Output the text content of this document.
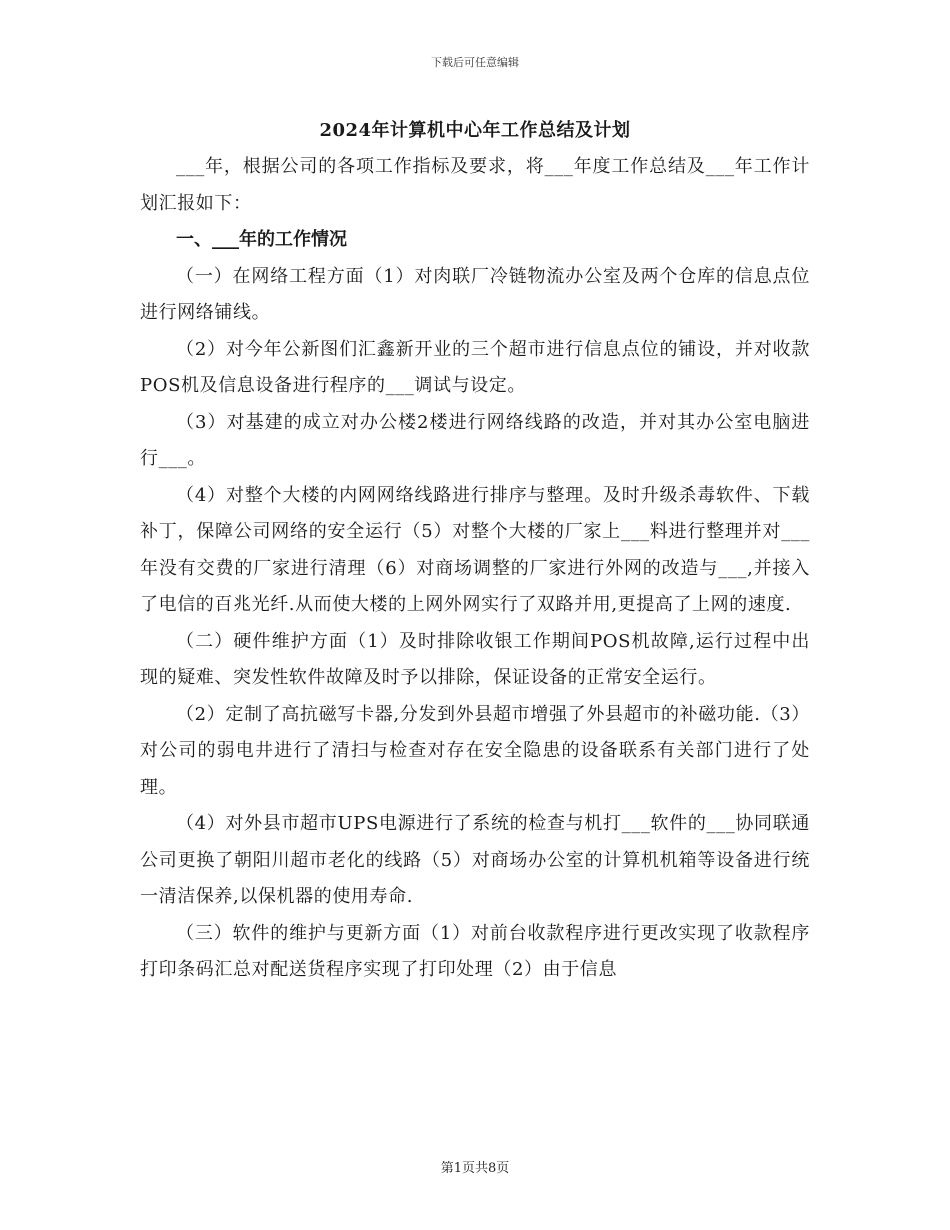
下载后可任意编辑
2024年计算机中心年工作总结及计划

___年，根据公司的各项工作指标及要求，将___年度工作总结及___年工作计划汇报如下：

一、___年的工作情况

（一）在网络工程方面（1）对肉联厂冷链物流办公室及两个仓库的信息点位进行网络铺线。

（2）对今年公新图们汇鑫新开业的三个超市进行信息点位的铺设，并对收款POS机及信息设备进行程序的___调试与设定。

（3）对基建的成立对办公楼2楼进行网络线路的改造，并对其办公室电脑进行___。

（4）对整个大楼的内网网络线路进行排序与整理。及时升级杀毒软件、下载补丁，保障公司网络的安全运行（5）对整个大楼的厂家上___料进行整理并对___年没有交费的厂家进行清理（6）对商场调整的厂家进行外网的改造与___,并接入了电信的百兆光纤.从而使大楼的上网外网实行了双路并用,更提高了上网的速度.

（二）硬件维护方面（1）及时排除收银工作期间POS机故障,运行过程中出现的疑难、突发性软件故障及时予以排除，保证设备的正常安全运行。

（2）定制了高抗磁写卡器,分发到外县超市增强了外县超市的补磁功能.（3）对公司的弱电井进行了清扫与检查对存在安全隐患的设备联系有关部门进行了处理。

（4）对外县市超市UPS电源进行了系统的检查与机打___软件的___协同联通公司更换了朝阳川超市老化的线路（5）对商场办公室的计算机机箱等设备进行统一清洁保养,以保机器的使用寿命.

（三）软件的维护与更新方面（1）对前台收款程序进行更改实现了收款程序打印条码汇总对配送货程序实现了打印处理（2）由于信息

第1页共8页
